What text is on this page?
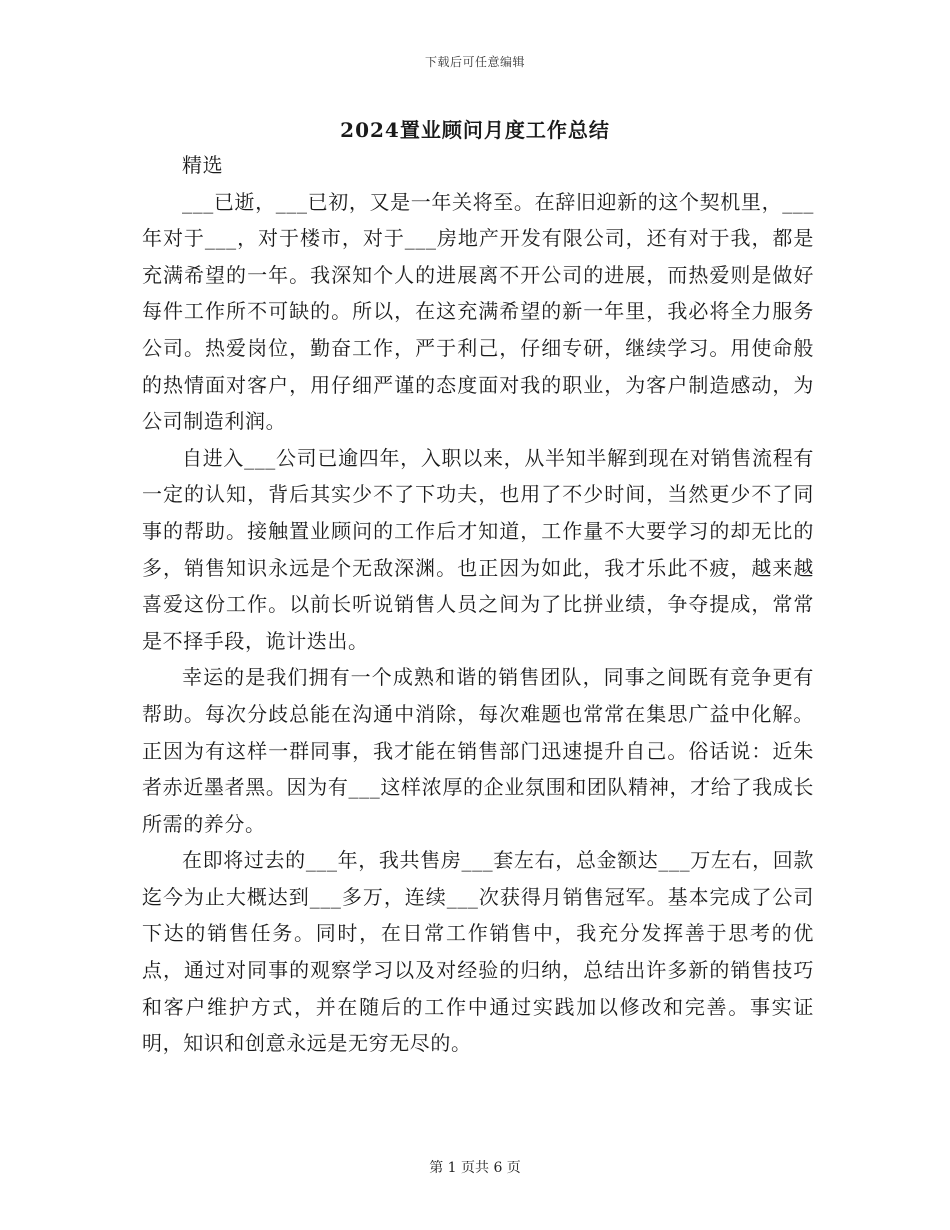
下载后可任意编辑
2024置业顾问月度工作总结

精选

___已逝，___已初，又是一年关将至。在辞旧迎新的这个契机里，___年对于___，对于楼市，对于___房地产开发有限公司，还有对于我，都是充满希望的一年。我深知个人的进展离不开公司的进展，而热爱则是做好每件工作所不可缺的。所以，在这充满希望的新一年里，我必将全力服务公司。热爱岗位，勤奋工作，严于利己，仔细专研，继续学习。用使命般的热情面对客户，用仔细严谨的态度面对我的职业，为客户制造感动，为公司制造利润。

自进入___公司已逾四年，入职以来，从半知半解到现在对销售流程有一定的认知，背后其实少不了下功夫，也用了不少时间，当然更少不了同事的帮助。接触置业顾问的工作后才知道，工作量不大要学习的却无比的多，销售知识永远是个无敌深渊。也正因为如此，我才乐此不疲，越来越喜爱这份工作。以前长听说销售人员之间为了比拼业绩，争夺提成，常常是不择手段，诡计迭出。

幸运的是我们拥有一个成熟和谐的销售团队，同事之间既有竞争更有帮助。每次分歧总能在沟通中消除，每次难题也常常在集思广益中化解。正因为有这样一群同事，我才能在销售部门迅速提升自己。俗话说：近朱者赤近墨者黑。因为有___这样浓厚的企业氛围和团队精神，才给了我成长所需的养分。

在即将过去的___年，我共售房___套左右，总金额达___万左右，回款迄今为止大概达到___多万，连续___次获得月销售冠军。基本完成了公司下达的销售任务。同时，在日常工作销售中，我充分发挥善于思考的优点，通过对同事的观察学习以及对经验的归纳，总结出许多新的销售技巧和客户维护方式，并在随后的工作中通过实践加以修改和完善。事实证明，知识和创意永远是无穷无尽的。

第 1 页共 6 页
